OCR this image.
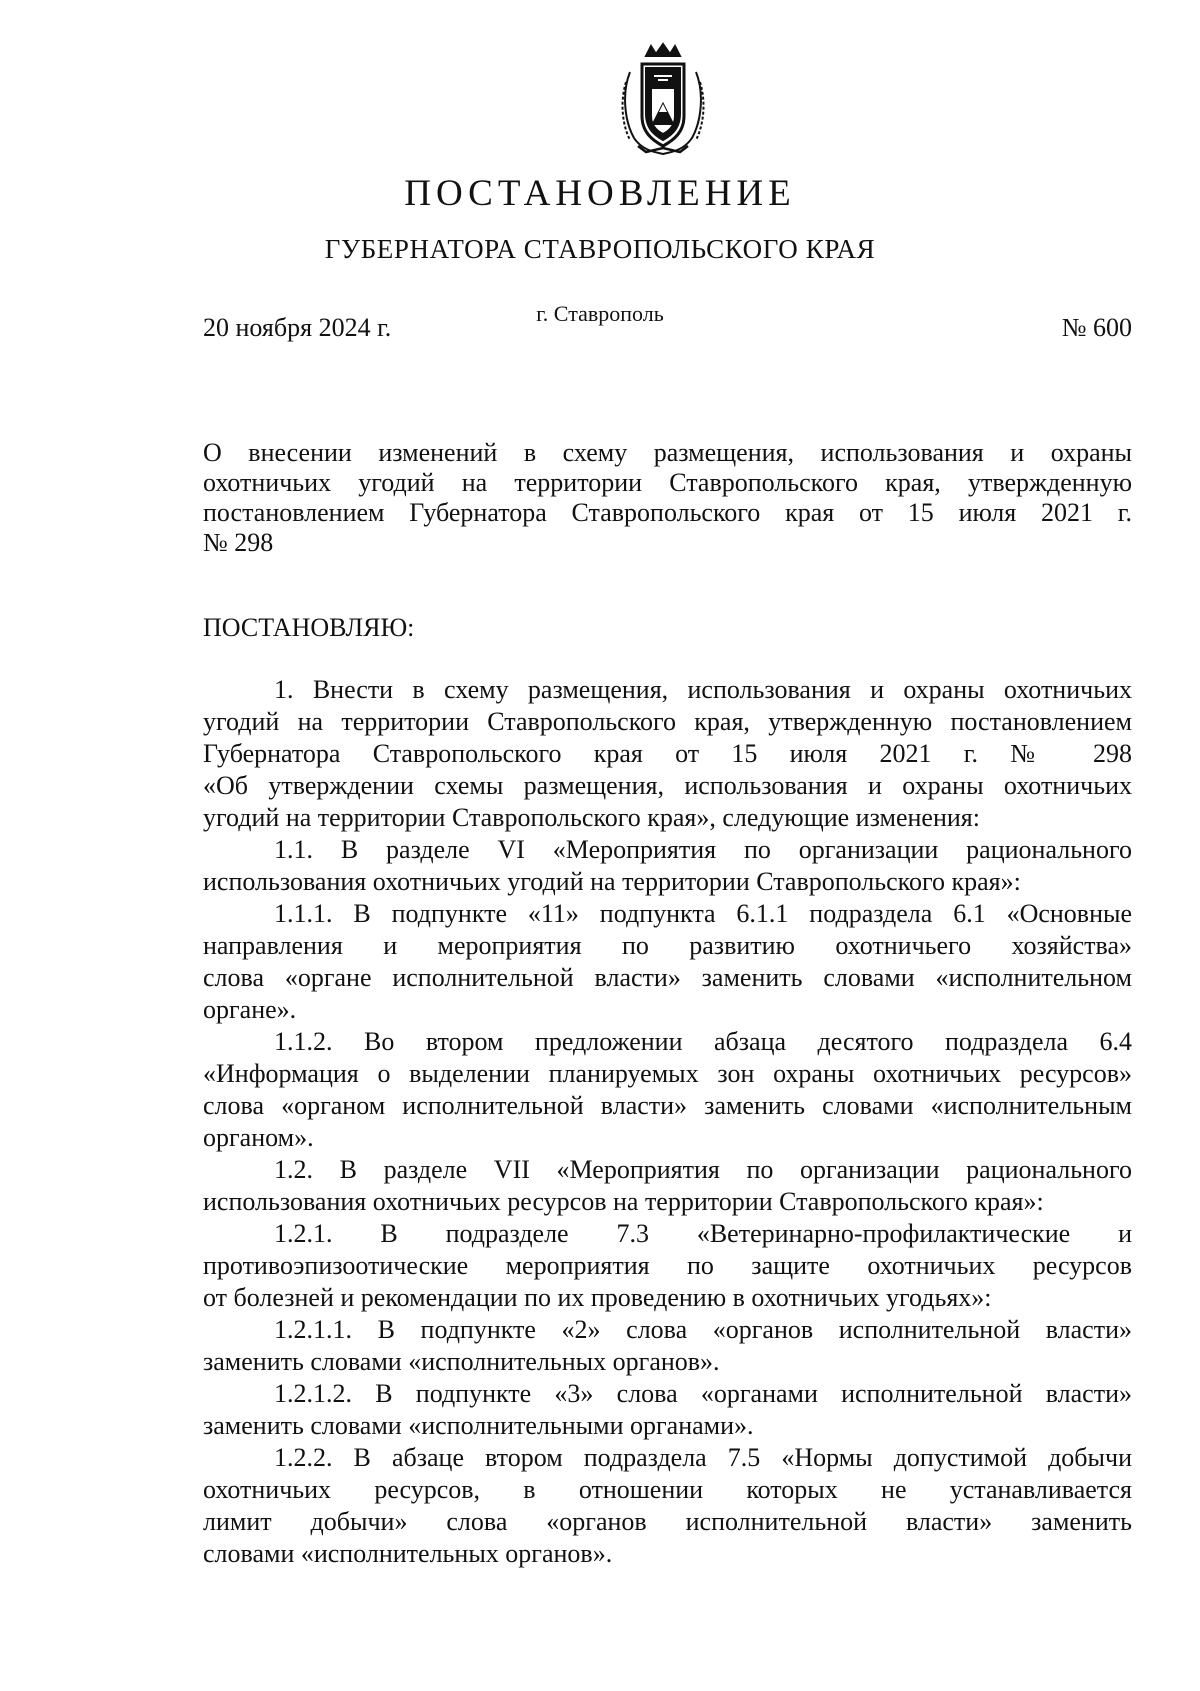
ПОСТАНОВЛЕНИЕ
ГУБЕРНАТОРА СТАВРОПОЛЬСКОГО КРАЯ
г. Ставрополь
20 ноября 2024 г.	№ 600
О внесении изменений в схему размещения, использования и охраны
охотничьих угодий на территории Ставропольского края, утвержденную
постановлением Губернатора Ставропольского края от 15 июля 2021 г.
№ 298
ПОСТАНОВЛЯЮ:
1. Внести в схему размещения, использования и охраны охотничьих
угодий на территории Ставропольского края, утвержденную постановлением
Губернатора Ставропольского края от 15 июля 2021 г. № 298
«Об утверждении схемы размещения, использования и охраны охотничьих
угодий на территории Ставропольского края», следующие изменения:
1.1. В разделе VI «Мероприятия по организации рационального
использования охотничьих угодий на территории Ставропольского края»:
1.1.1. В подпункте «11» подпункта 6.1.1 подраздела 6.1 «Основные
направления и мероприятия по развитию охотничьего хозяйства»
слова «органе исполнительной власти» заменить словами «исполнительном
органе».
1.1.2. Во втором предложении абзаца десятого подраздела 6.4
«Информация о выделении планируемых зон охраны охотничьих ресурсов»
слова «органом исполнительной власти» заменить словами «исполнительным
органом».
1.2. В разделе VII «Мероприятия по организации рационального
использования охотничьих ресурсов на территории Ставропольского края»:
1.2.1. В подразделе 7.3 «Ветеринарно-профилактические и
противоэпизоотические мероприятия по защите охотничьих ресурсов
от болезней и рекомендации по их проведению в охотничьих угодьях»:
1.2.1.1. В подпункте «2» слова «органов исполнительной власти»
заменить словами «исполнительных органов».
1.2.1.2. В подпункте «3» слова «органами исполнительной власти»
заменить словами «исполнительными органами».
1.2.2. В абзаце втором подраздела 7.5 «Нормы допустимой добычи
охотничьих ресурсов, в отношении которых не устанавливается
лимит добычи» слова «органов исполнительной власти» заменить
словами «исполнительных органов».
